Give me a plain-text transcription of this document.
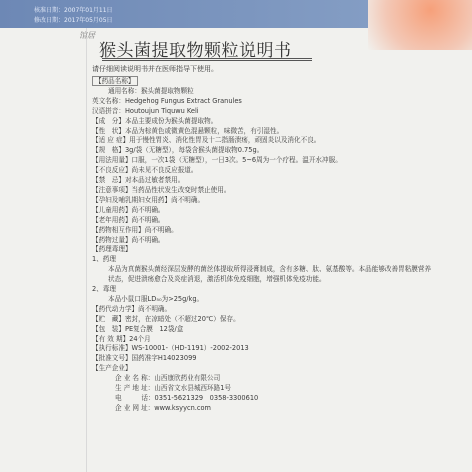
核准日期：2007年01月11日
修改日期：2017年05月05日
馆居
猴头菌提取物颗粒说明书
请仔细阅读说明书并在医师指导下使用。
【药品名称】
通用名称：猴头菌提取物颗粒
英文名称：Hedgehog Fungus Extract Granules
汉语拼音：Houtoujun Tiquwu Keli
【成　分】本品主要成份为猴头菌提取物。
【性　状】本品为棕黄色或微黄色混悬颗粒，味微苦，有引湿性。
【适 应 症】用于慢性胃炎、消化性胃及十二指肠溃疡，顽固炎以及消化不良。
【规　格】3g/袋（无糖型），每袋含猴头菌提取物0.75g。
【用法用量】口服，一次1袋（无糖型），一日3次。5~6周为一个疗程。温开水冲服。
【不良反应】尚未见不良反应报道。
【禁　忌】对本品过敏者禁用。
【注意事项】当药品性状发生改变时禁止使用。
【孕妇及哺乳期妇女用药】尚不明确。
【儿童用药】尚不明确。
【老年用药】尚不明确。
【药物相互作用】尚不明确。
【药物过量】尚不明确。
【药理毒理】
1、药理
本品为真菌猴头菌经深层发酵的菌丝体提取所得浸膏制成，含有多糖、肽、氨基酸等。本品能够改善胃粘膜营养状态，促进溃疡愈合及炎症消退，激活机体免疫细胞，增强机体免疫功能。
2、毒理
本品小鼠口服LD₅₀为>25g/kg。
【药代动力学】尚不明确。
【贮　藏】密封，在凉暗处（不超过20℃）保存。
【包　装】PE复合膜　12袋/盒
【有 效 期】24个月
【执行标准】WS-10001-（HD-1191）-2002-2013
【批准文号】国药准字H14023099
【生产企业】
企 业 名 称：山西康欣药业有限公司
生 产 地 址：山西省文水县城西环路1号
电　　　话：0351-5621329　0358-3300610
企 业 网 址：www.ksyycn.com
